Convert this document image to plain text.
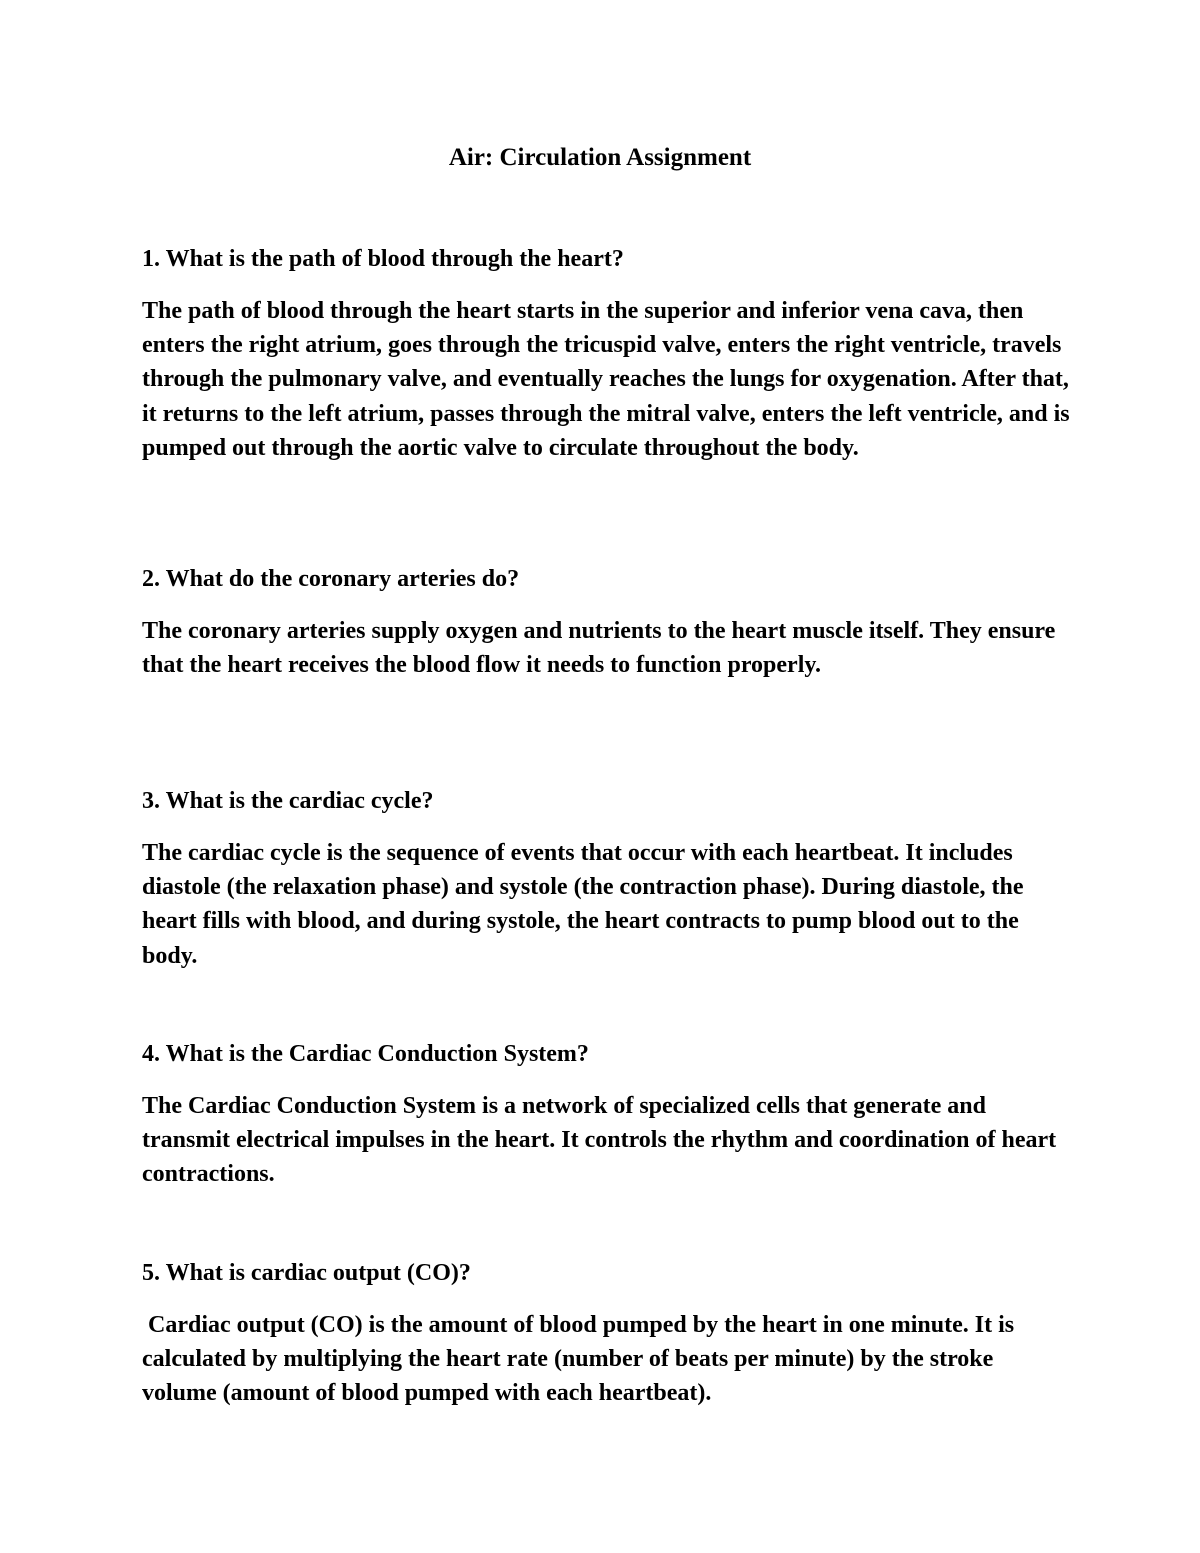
Air: Circulation Assignment

1. What is the path of blood through the heart?

The path of blood through the heart starts in the superior and inferior vena cava, then enters the right atrium, goes through the tricuspid valve, enters the right ventricle, travels through the pulmonary valve, and eventually reaches the lungs for oxygenation. After that, it returns to the left atrium, passes through the mitral valve, enters the left ventricle, and is pumped out through the aortic valve to circulate throughout the body.

2. What do the coronary arteries do?

The coronary arteries supply oxygen and nutrients to the heart muscle itself. They ensure that the heart receives the blood flow it needs to function properly.

3. What is the cardiac cycle?

The cardiac cycle is the sequence of events that occur with each heartbeat. It includes diastole (the relaxation phase) and systole (the contraction phase). During diastole, the heart fills with blood, and during systole, the heart contracts to pump blood out to the body.

4. What is the Cardiac Conduction System?

The Cardiac Conduction System is a network of specialized cells that generate and transmit electrical impulses in the heart. It controls the rhythm and coordination of heart contractions.

5. What is cardiac output (CO)?

Cardiac output (CO) is the amount of blood pumped by the heart in one minute. It is calculated by multiplying the heart rate (number of beats per minute) by the stroke volume (amount of blood pumped with each heartbeat).
